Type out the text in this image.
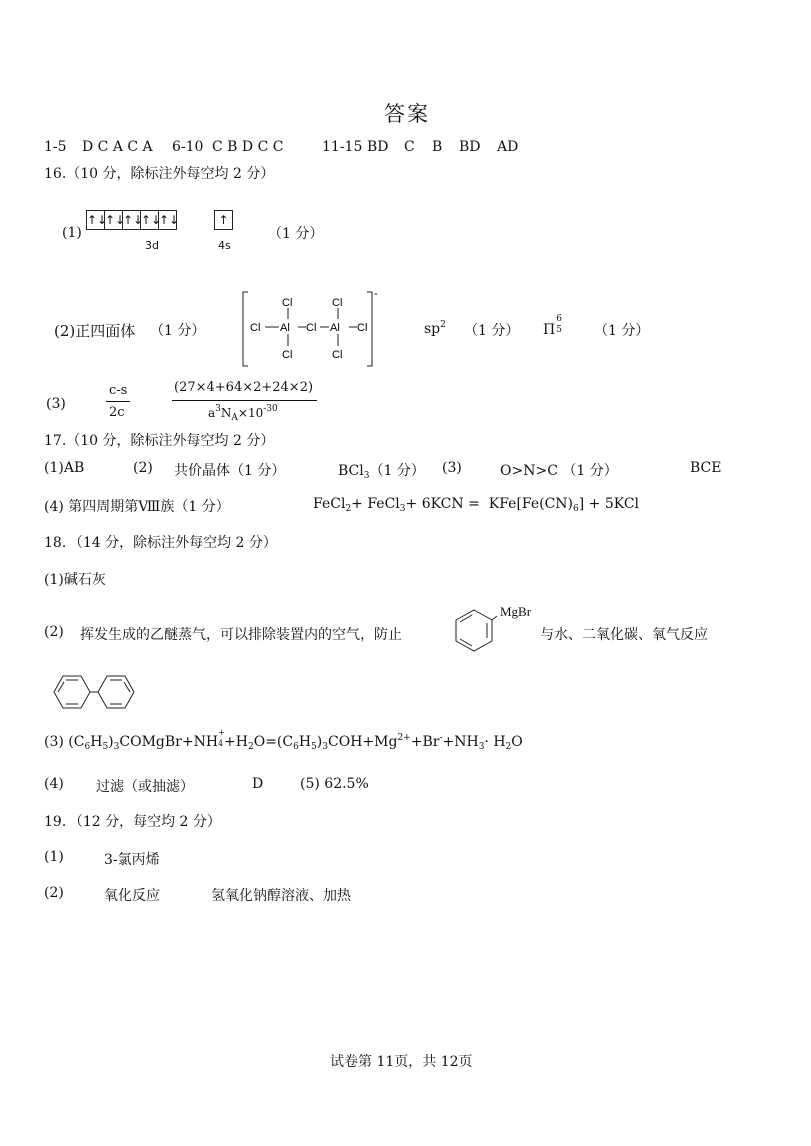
答案
1-5 D C A C A 6-10 C B D C C	11-15 BD C B BD AD
16.（10 分，除标注外每空均 2 分）
(1)
↑↓
↑↓
↑↓
↑↓
↑↓	↑
3d	4s
（1 分）
(2)正四面体 （1 分）	Cl Al Cl Al Cl
Cl	Cl
Cl	Cl
-
$sp^2$ （1 分） Π
6
5 （1 分）
(3)
c-s
2c
(27×4+64×2+24×2)
$a^3N_A\times 10^{-30}$
17.（10 分，除标注外每空均 2 分）
(1)AB	(2) 共价晶体（1 分）	BCl$_3$（1 分） (3)	O>N>C （1 分）	BCE
(4) 第四周期第Ⅷ族（1 分）	FeCl$_2$+ FeCl$_3$+ $6KCN = KFe[Fe(CN)_6] + 5KCl$
18．（14 分，除标注外每空均 2 分）
(1)碱石灰
(2) 挥发生成的乙醚蒸气，可以排除装置内的空气，防止
MgBr
与水、二氧化碳、氧气反应
(3) $(C_6H_5)_3COMgBr+NH$
+
$4 +H_2O=(C_6H_5)_3COH+Mg^{2+}+Br^-+NH_3\cdot H_2O$
(4) 过滤（或抽滤）	D	(5) 62.5%
19．（12 分，每空均 2 分）
(1)	3-氯丙烯
(2)	氧化反应	氢氧化钠醇溶液、加热
试卷第 11页，共 12页
